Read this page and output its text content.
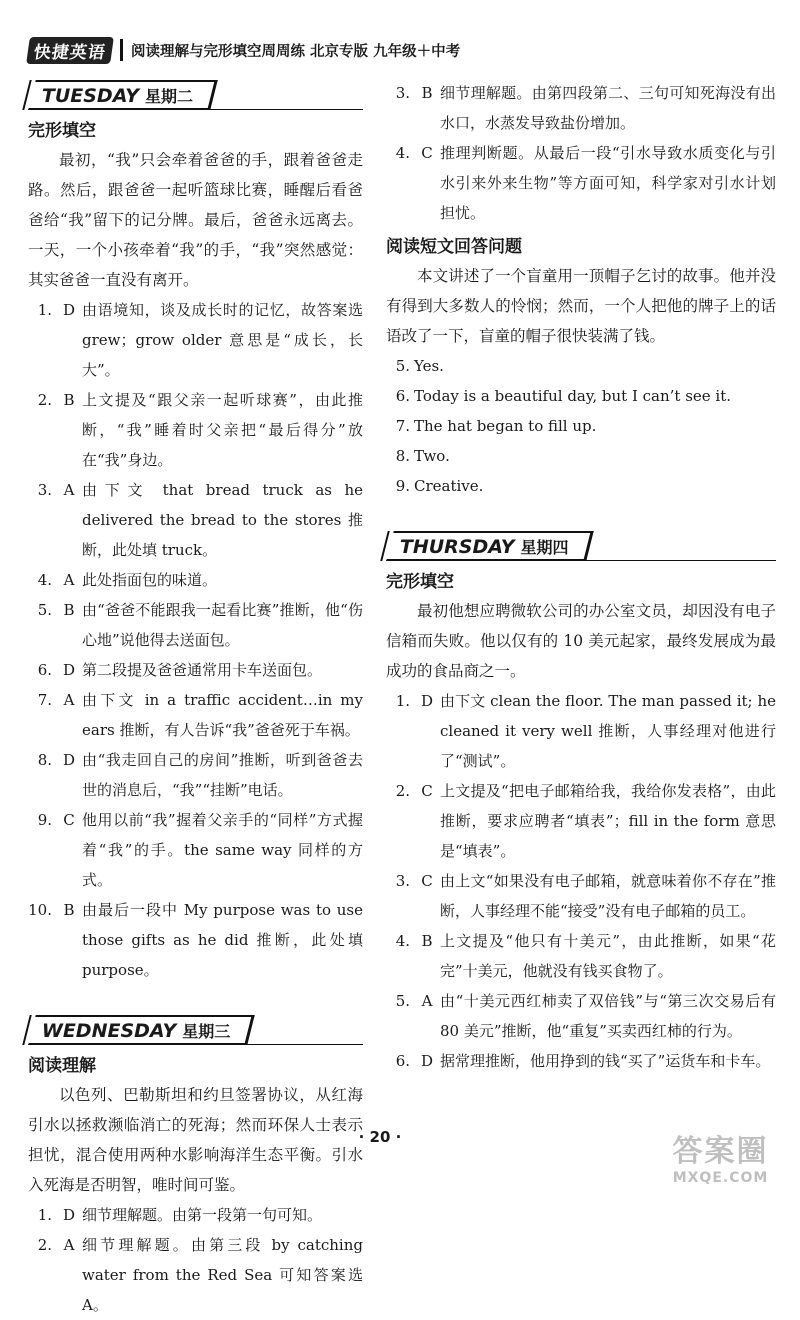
快捷英语	阅读理解与完形填空周周练 北京专版 九年级＋中考
TUESDAY 星期二
完形填空

最初，“我”只会牵着爸爸的手，跟着爸爸走路。然后，跟爸爸一起听篮球比赛，睡醒后看爸爸给“我”留下的记分牌。最后，爸爸永远离去。一天，一个小孩牵着“我”的手，“我”突然感觉：其实爸爸一直没有离开。

1. D 由语境知，谈及成长时的记忆，故答案选 grew；grow older 意思是“成长，长大”。
2. B 上文提及“跟父亲一起听球赛”，由此推断，“我”睡着时父亲把“最后得分”放在“我”身边。
3. A 由下文 that bread truck as he delivered the bread to the stores 推断，此处填 truck。
4. A 此处指面包的味道。
5. B 由“爸爸不能跟我一起看比赛”推断，他“伤心地”说他得去送面包。
6. D 第二段提及爸爸通常用卡车送面包。
7. A 由下文 in a traffic accident…in my ears 推断，有人告诉“我”爸爸死于车祸。
8. D 由“我走回自己的房间”推断，听到爸爸去世的消息后，“我”“挂断”电话。
9. C 他用以前“我”握着父亲手的“同样”方式握着“我”的手。the same way 同样的方式。
10. B 由最后一段中 My purpose was to use those gifts as he did 推断，此处填 purpose。
WEDNESDAY 星期三
阅读理解

以色列、巴勒斯坦和约旦签署协议，从红海引水以拯救濒临消亡的死海；然而环保人士表示担忧，混合使用两种水影响海洋生态平衡。引水入死海是否明智，唯时间可鉴。

1. D 细节理解题。由第一段第一句可知。
2. A 细节理解题。由第三段 by catching water from the Red Sea 可知答案选 A。
3. B 细节理解题。由第四段第二、三句可知死海没有出水口，水蒸发导致盐份增加。
4. C 推理判断题。从最后一段“引水导致水质变化与引水引来外来生物”等方面可知，科学家对引水计划担忧。
阅读短文回答问题

本文讲述了一个盲童用一顶帽子乞讨的故事。他并没有得到大多数人的怜悯；然而，一个人把他的牌子上的话语改了一下，盲童的帽子很快装满了钱。

5. Yes.
6. Today is a beautiful day, but I can’t see it.
7. The hat began to fill up.
8. Two.
9. Creative.
THURSDAY 星期四
完形填空

最初他想应聘微软公司的办公室文员，却因没有电子信箱而失败。他以仅有的 10 美元起家，最终发展成为最成功的食品商之一。

1. D 由下文 clean the floor. The man passed it; he cleaned it very well 推断，人事经理对他进行了“测试”。
2. C 上文提及“把电子邮箱给我，我给你发表格”，由此推断，要求应聘者“填表”；fill in the form 意思是“填表”。
3. C 由上文“如果没有电子邮箱，就意味着你不存在”推断，人事经理不能“接受”没有电子邮箱的员工。
4. B 上文提及“他只有十美元”，由此推断，如果“花完”十美元，他就没有钱买食物了。
5. A 由“十美元西红柿卖了双倍钱”与“第三次交易后有 80 美元”推断，他“重复”买卖西红柿的行为。
6. D 据常理推断，他用挣到的钱“买了”运货车和卡车。
· 20 ·	答案圈
MXQE.COM
